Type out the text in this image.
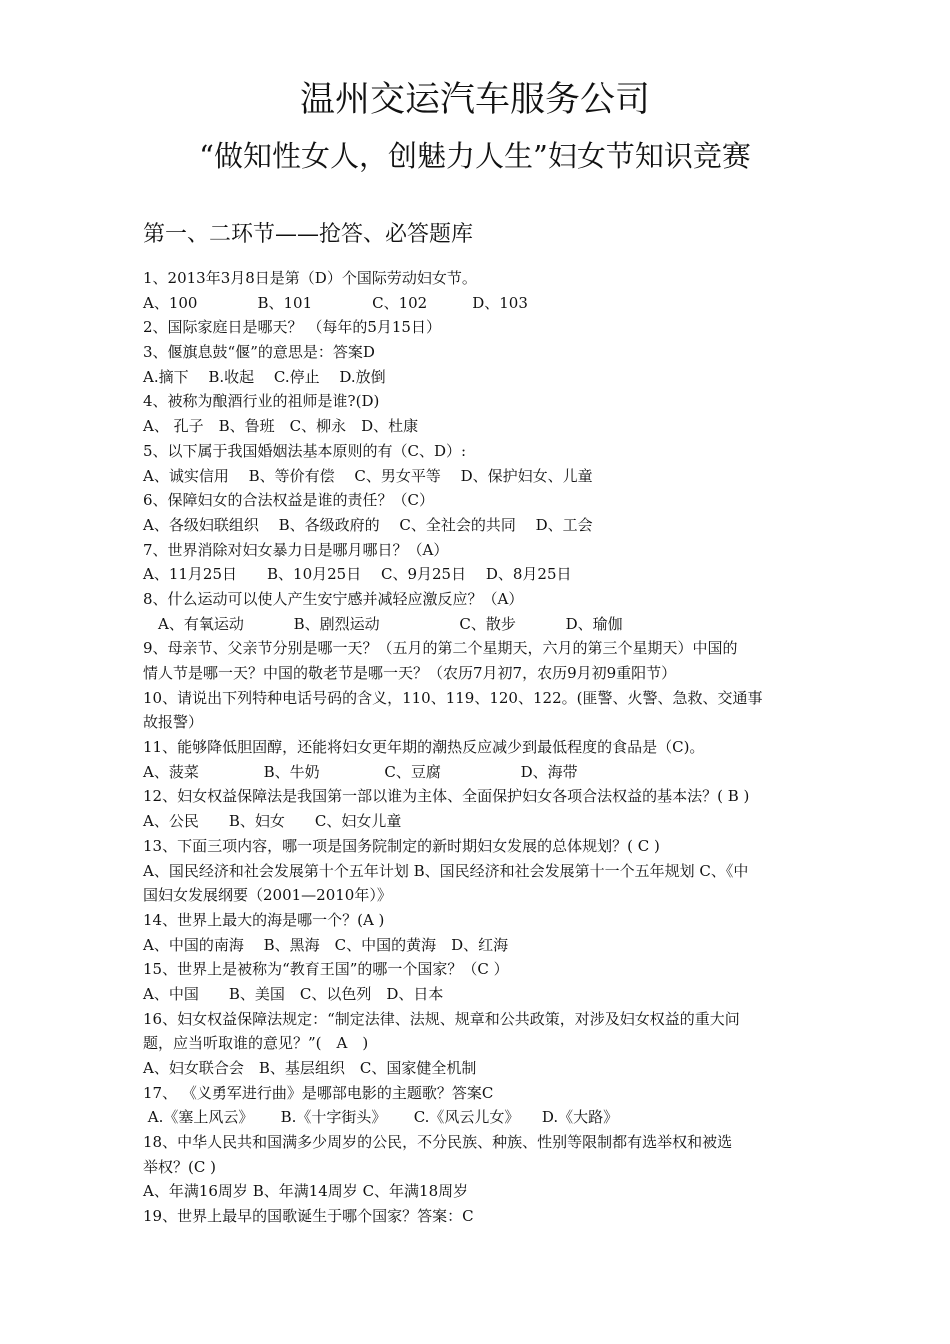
温州交运汽车服务公司
“做知性女人，创魅力人生”妇女节知识竞赛
第一、二环节——抢答、必答题库
1、2013年3月8日是第（D）个国际劳动妇女节。
A、100　　　　B、101　　　　C、102　　　D、103
2、国际家庭日是哪天？ （每年的5月15日）
3、偃旗息鼓“偃”的意思是：答案D
A.摘下　 B.收起　 C.停止　 D.放倒
4、被称为酿酒行业的祖师是谁?(D)
A、 孔子　B、鲁班　C、柳永　D、杜康
5、以下属于我国婚姻法基本原则的有（C、D）:
A、诚实信用　 B、等价有偿　 C、男女平等　 D、保护妇女、儿童
6、保障妇女的合法权益是谁的责任？（C）
A、各级妇联组织　 B、各级政府的　 C、全社会的共同　 D、工会
7、世界消除对妇女暴力日是哪月哪日？（A）
A、11月25日　　B、10月25日　 C、9月25日　 D、8月25日
8、什么运动可以使人产生安宁感并减轻应激反应？（A）
　A、有氧运动　　　 B、剧烈运动　　　　　 C、散步　　　 D、瑜伽
9、母亲节、父亲节分别是哪一天？（五月的第二个星期天，六月的第三个星期天）中国的
情人节是哪一天？中国的敬老节是哪一天？（农历7月初7，农历9月初9重阳节）
10、请说出下列特种电话号码的含义，110、119、120、122。(匪警、火警、急救、交通事
故报警）
11、能够降低胆固醇，还能将妇女更年期的潮热反应减少到最低程度的食品是（C)。
A、菠菜　　　　 B、牛奶　　　　 C、豆腐　　　　　 D、海带
12、妇女权益保障法是我国第一部以谁为主体、全面保护妇女各项合法权益的基本法？( B )
A、公民　　B、妇女　　C、妇女儿童
13、下面三项内容，哪一项是国务院制定的新时期妇女发展的总体规划？( C )
A、国民经济和社会发展第十个五年计划 B、国民经济和社会发展第十一个五年规划 C、《中
国妇女发展纲要（2001—2010年）》
14、世界上最大的海是哪一个？(A )
A、中国的南海　 B、黑海　C、中国的黄海　D、红海
15、世界上是被称为“教育王国”的哪一个国家？（C ）
A、中国　　B、美国　C、以色列　D、日本
16、妇女权益保障法规定：“制定法律、法规、规章和公共政策，对涉及妇女权益的重大问
题，应当听取谁的意见？”(　A　)
A、妇女联合会　B、基层组织　C、国家健全机制
17、 《义勇军进行曲》是哪部电影的主题歌？答案C
A.《塞上风云》　　 B.《十字街头》　　 C.《风云儿女》　　D.《大路》
18、中华人民共和国满多少周岁的公民，不分民族、种族、性别等限制都有选举权和被选
举权？(C )
A、年满16周岁 B、年满14周岁 C、年满18周岁
19、世界上最早的国歌诞生于哪个国家？答案：C
